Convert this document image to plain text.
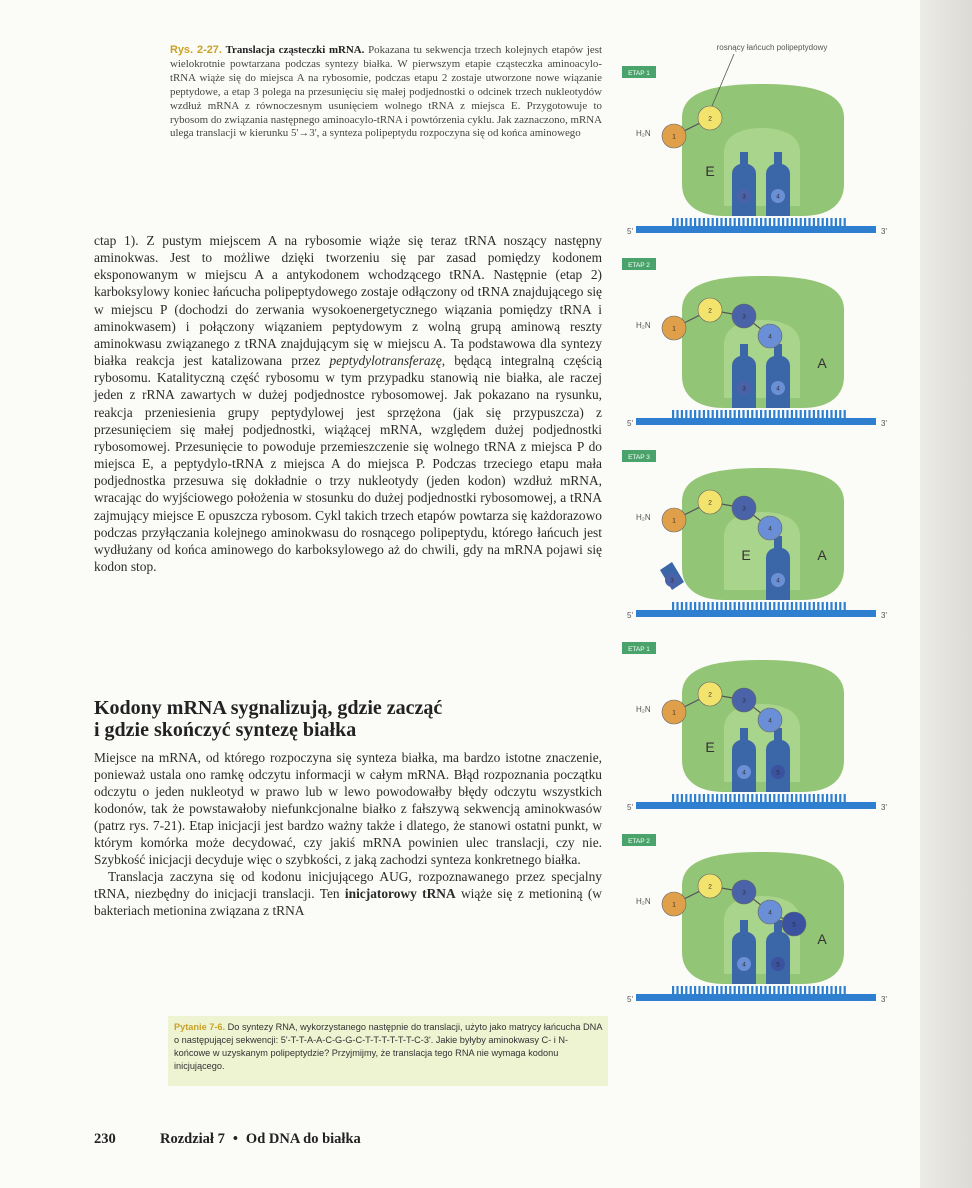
Rys. 2-27. Translacja cząsteczki mRNA. Pokazana tu sekwencja trzech kolejnych etapów jest wielokrotnie powtarzana podczas syntezy białka. W pierwszym etapie cząsteczka aminoacylo-tRNA wiąże się do miejsca A na rybosomie, podczas etapu 2 zostaje utworzone nowe wiązanie peptydowe, a etap 3 polega na przesunięciu się małej podjednostki o odcinek trzech nukleotydów wzdłuż mRNA z równoczesnym usunięciem wolnego tRNA z miejsca E. Przygotowuje to rybosom do związania następnego aminoacylo-tRNA i powtórzenia cyklu. Jak zaznaczono, mRNA ulega translacji w kierunku 5'→3', a synteza polipeptydu rozpoczyna się od końca aminowego
ctap 1). Z pustym miejscem A na rybosomie wiąże się teraz tRNA noszący następny aminokwas. Jest to możliwe dzięki tworzeniu się par zasad pomiędzy kodonem eksponowanym w miejscu A a antykodonem wchodzącego tRNA. Następnie (etap 2) karboksylowy koniec łańcucha polipeptydowego zostaje odłączony od tRNA znajdującego się w miejscu P (dochodzi do zerwania wysokoenergetycznego wiązania pomiędzy tRNA i aminokwasem) i połączony wiązaniem peptydowym z wolną grupą aminową reszty aminokwasu związanego z tRNA znajdującym się w miejscu A. Ta podstawowa dla syntezy białka reakcja jest katalizowana przez peptydylotransferazę, będącą integralną częścią rybosomu. Katalityczną część rybosomu w tym przypadku stanowią nie białka, ale raczej jeden z rRNA zawartych w dużej podjednostce rybosomowej. Jak pokazano na rysunku, reakcja przeniesienia grupy peptydylowej jest sprzężona (jak się przypuszcza) z przesunięciem się małej podjednostki, wiążącej mRNA, względem dużej podjednostki rybosomowej. Przesunięcie to powoduje przemieszczenie się wolnego tRNA z miejsca P do miejsca E, a peptydylo-tRNA z miejsca A do miejsca P. Podczas trzeciego etapu mała podjednostka przesuwa się dokładnie o trzy nukleotydy (jeden kodon) wzdłuż mRNA, wracając do wyjściowego położenia w stosunku do dużej podjednostki rybosomowej, a tRNA zajmujący miejsce E opuszcza rybosom. Cykl takich trzech etapów powtarza się każdorazowo podczas przyłączania kolejnego aminokwasu do rosnącego polipeptydu, którego łańcuch jest wydłużany od końca aminowego do karboksylowego aż do chwili, gdy na mRNA pojawi się kodon stop.
Kodony mRNA sygnalizują, gdzie zacząć
i gdzie skończyć syntezę białka
Miejsce na mRNA, od którego rozpoczyna się synteza białka, ma bardzo istotne znaczenie, ponieważ ustala ono ramkę odczytu informacji w całym mRNA. Błąd rozpoznania początku odczytu o jeden nukleotyd w prawo lub w lewo powodowałby błędy odczytu wszystkich kodonów, tak że powstawałoby niefunkcjonalne białko z fałszywą sekwencją aminokwasów (patrz rys. 7-21). Etap inicjacji jest bardzo ważny także i dlatego, że stanowi ostatni punkt, w którym komórka może decydować, czy jakiś mRNA powinien ulec translacji, czy nie. Szybkość inicjacji decyduje więc o szybkości, z jaką zachodzi synteza konkretnego białka.
Translacja zaczyna się od kodonu inicjującego AUG, rozpoznawanego przez specjalny tRNA, niezbędny do inicjacji translacji. Ten inicjatorowy tRNA wiąże się z metioniną (w bakteriach metionina związana z tRNA
Pytanie 7-6. Do syntezy RNA, wykorzystanego następnie do translacji, użyto jako matrycy łańcucha DNA o następującej sekwencji: 5'-T-T-A-A-C-G-G-C-T-T-T-T-T-T-C-3'. Jakie byłyby aminokwasy C- i N-końcowe w uzyskanym polipeptydzie? Przyjmijmy, że translacja tego RNA nie wymaga kodonu inicjującego.
230	Rozdział 7 • Od DNA do białka
ETAP 1
5'	3'
H₂N
E
3	4
1
2
rosnący łańcuch polipeptydowy
ETAP 2
5'	3'
H₂N
A
3	4
1
2
3
4
ETAP 3
5'	3'
H₂N
E	A
4
3
1
2
3
4
ETAP 1
5'	3'
H₂N
E
4	5
1
2
3
4
ETAP 2
5'	3'
H₂N
A
4	5
1
2
3
4
5
